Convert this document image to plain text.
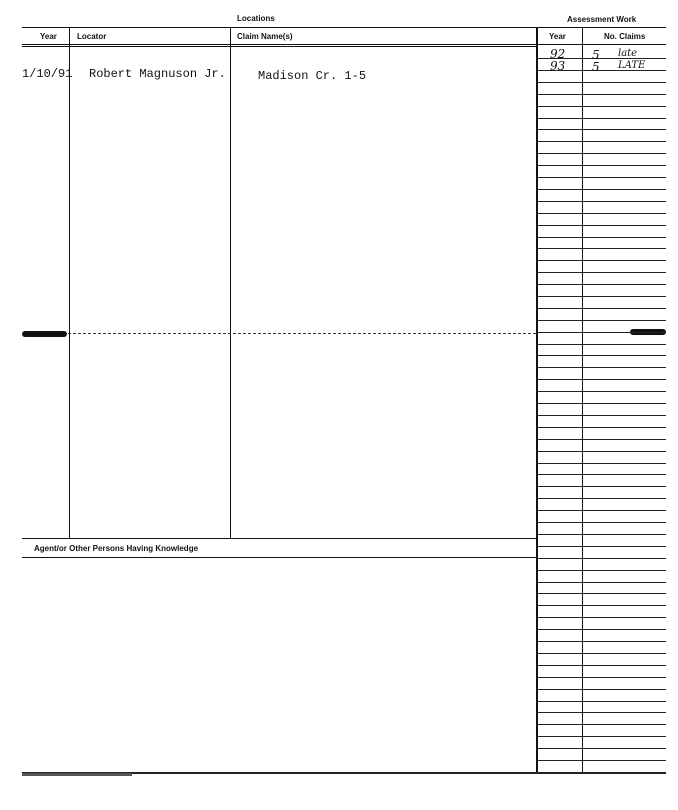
Locations	Assessment Work
Year	Locator	Claim Name(s)	Year	No. Claims
Agent/or Other Persons Having Knowledge
1/10/91 Robert Magnuson Jr.	Madison Cr. 1-5
92 5 late
93 5 LATE
